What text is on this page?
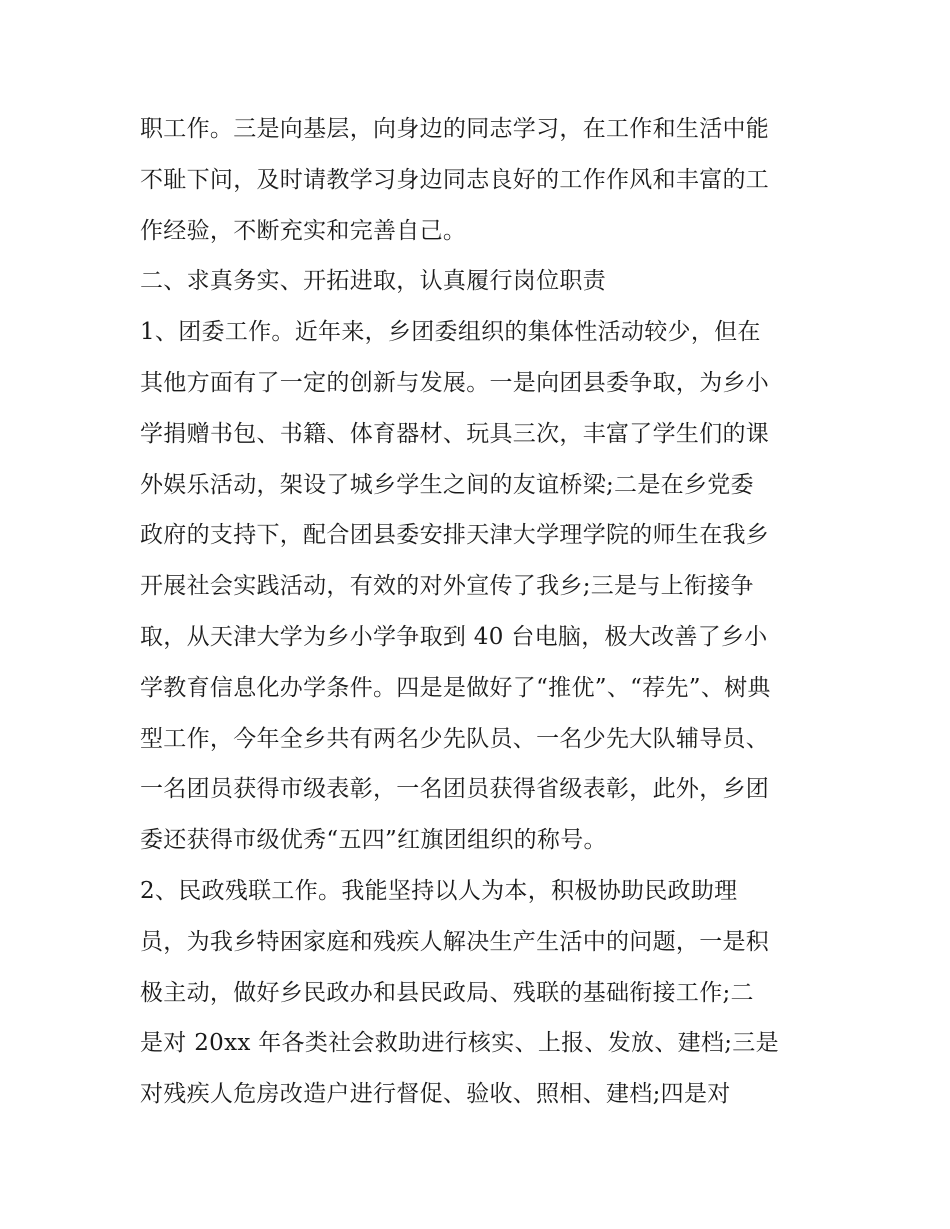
职工作。三是向基层，向身边的同志学习，在工作和生活中能
不耻下问，及时请教学习身边同志良好的工作作风和丰富的工
作经验，不断充实和完善自己。
二、求真务实、开拓进取，认真履行岗位职责
1、团委工作。近年来，乡团委组织的集体性活动较少，但在
其他方面有了一定的创新与发展。一是向团县委争取，为乡小
学捐赠书包、书籍、体育器材、玩具三次，丰富了学生们的课
外娱乐活动，架设了城乡学生之间的友谊桥梁;二是在乡党委
政府的支持下，配合团县委安排天津大学理学院的师生在我乡
开展社会实践活动，有效的对外宣传了我乡;三是与上衔接争
取，从天津大学为乡小学争取到 40 台电脑，极大改善了乡小
学教育信息化办学条件。四是是做好了“推优”、“荐先”、树典
型工作，今年全乡共有两名少先队员、一名少先大队辅导员、
一名团员获得市级表彰，一名团员获得省级表彰，此外，乡团
委还获得市级优秀“五四”红旗团组织的称号。
2、民政残联工作。我能坚持以人为本，积极协助民政助理
员，为我乡特困家庭和残疾人解决生产生活中的问题，一是积
极主动，做好乡民政办和县民政局、残联的基础衔接工作;二
是对 20xx 年各类社会救助进行核实、上报、发放、建档;三是
对残疾人危房改造户进行督促、验收、照相、建档;四是对
